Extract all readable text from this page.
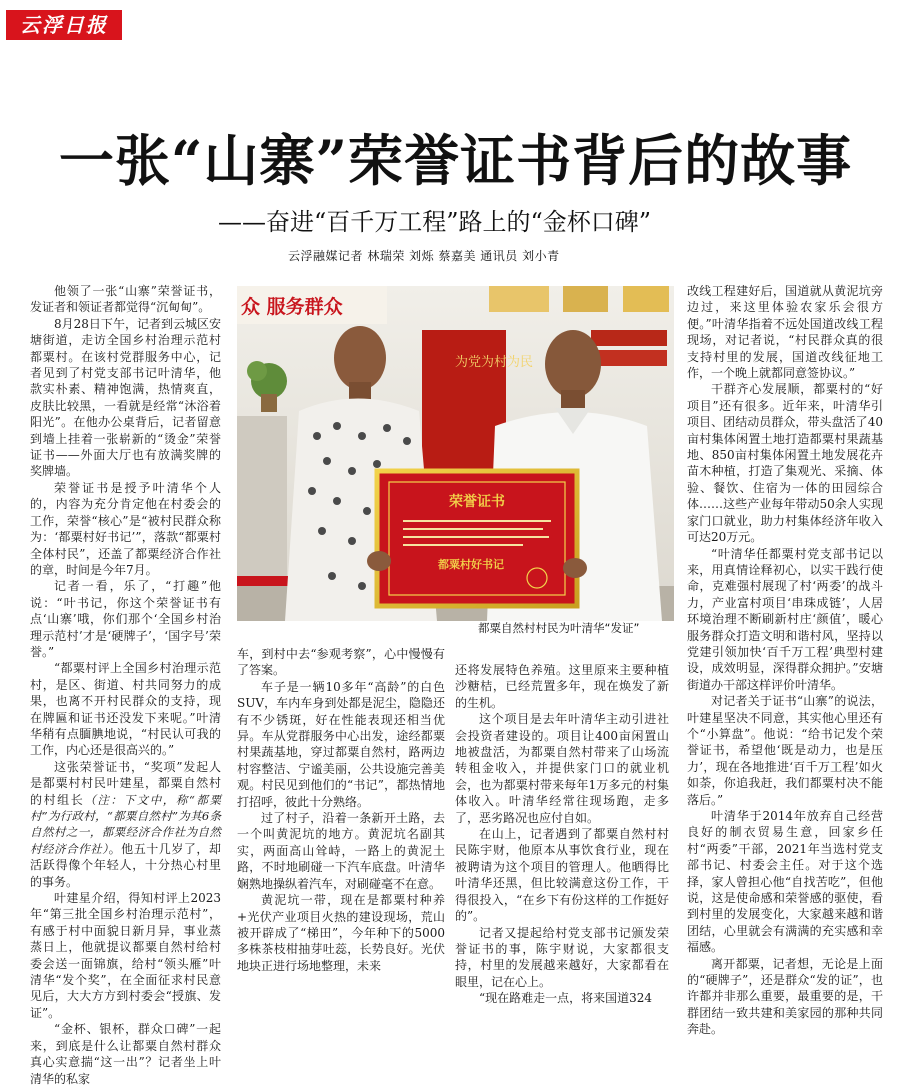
云浮日报
一张“山寨”荣誉证书背后的故事
——奋进“百千万工程”路上的“金杯口碑”
云浮融媒记者 林瑞荣 刘烁 蔡嘉美 通讯员 刘小青

他领了一张“山寨”荣誉证书，发证者和领证者都觉得“沉甸甸”。

8月28日下午，记者到云城区安塘街道，走访全国乡村治理示范村都粟村。在该村党群服务中心，记者见到了村党支部书记叶清华，他款实朴素、精神饱满，热情爽直，皮肤比较黑，一看就是经常“沐浴着阳光”。在他办公桌背后，记者留意到墙上挂着一张崭新的“烫金”荣誉证书——外面大厅也有放满奖牌的奖牌墙。

荣誉证书是授予叶清华个人的，内容为充分肯定他在村委会的工作，荣誉“核心”是“被村民群众称为：‘都粟村好书记’”，落款“都粟村全体村民”，还盖了都粟经济合作社的章，时间是今年7月。

记者一看，乐了，“打趣”他说：“叶书记，你这个荣誉证书有点‘山寨’哦，你们那个‘全国乡村治理示范村’才是‘硬牌子’，‘国字号’荣誉。”

“都粟村评上全国乡村治理示范村，是区、街道、村共同努力的成果，也离不开村民群众的支持，现在牌匾和证书还没发下来呢。”叶清华稍有点腼腆地说，“村民认可我的工作，内心还是很高兴的。”

这张荣誉证书，“奖项”发起人是都粟村村民叶建星，都粟自然村的村组长（注：下文中，称“都粟村”为行政村，“都粟自然村”为其6条自然村之一，都粟经济合作社为自然村经济合作社）。他五十几岁了，却活跃得像个年轻人，十分热心村里的事务。

叶建星介绍，得知村评上2023年“第三批全国乡村治理示范村”，有感于村中面貌日新月异，事业蒸蒸日上，他就提议都粟自然村给村委会送一面锦旗，给村“领头雁”叶清华“发个奖”，在全面征求村民意见后，大大方方到村委会“授旗、发证”。

“金杯、银杯，群众口碑”一起来，到底是什么让都粟自然村群众真心实意揣“这一出”？记者坐上叶清华的私家

众 服务群众
为党为村为民
荣誉证书
都粟村好书记
都粟自然村村民为叶清华“发证”

车，到村中去“参观考察”，心中慢慢有了答案。

车子是一辆10多年“高龄”的白色SUV，车内车身到处都是泥尘，隐隐还有不少锈斑，好在性能表现还相当优异。车从党群服务中心出发，途经都粟村果蔬基地，穿过都粟自然村，路两边村容整洁、宁谧美丽，公共设施完善美观。村民见到他们的“书记”，都热情地打招呼，彼此十分熟络。

过了村子，沿着一条新开土路，去一个叫黄泥坑的地方。黄泥坑名副其实，两面高山耸峙，一路上的黄泥土路，不时地刷碰一下汽车底盘。叶清华娴熟地操纵着汽车，对刷碰毫不在意。

黄泥坑一带，现在是都粟村种养+光伏产业项目火热的建设现场，荒山被开辟成了“梯田”，今年种下的5000多株茶枝柑抽芽吐蕊，长势良好。光伏地块正进行场地整理，未来

还将发展特色养殖。这里原来主要种植沙糖桔，已经荒置多年，现在焕发了新的生机。

这个项目是去年叶清华主动引进社会投资者建设的。项目让400亩闲置山地被盘活，为都粟自然村带来了山场流转租金收入，并提供家门口的就业机会，也为都粟村带来每年1万多元的村集体收入。叶清华经常往现场跑，走多了，恶劣路况也应付自如。

在山上，记者遇到了都粟自然村村民陈宇财，他原本从事饮食行业，现在被聘请为这个项目的管理人。他晒得比叶清华还黑，但比较满意这份工作，干得很投入，“在乡下有份这样的工作挺好的”。

记者又提起给村党支部书记颁发荣誉证书的事，陈宇财说，大家都很支持，村里的发展越来越好，大家都看在眼里，记在心上。

“现在路难走一点，将来国道324

改线工程建好后，国道就从黄泥坑旁边过，来这里体验农家乐会很方便。”叶清华指着不远处国道改线工程现场，对记者说，“村民群众真的很支持村里的发展，国道改线征地工作，一个晚上就都同意签协议。”

干群齐心发展顺，都粟村的“好项目”还有很多。近年来，叶清华引项目、团结动员群众，带头盘活了40亩村集体闲置土地打造都粟村果蔬基地、850亩村集体闲置土地发展花卉苗木种植，打造了集观光、采摘、体验、餐饮、住宿为一体的田园综合体……这些产业每年带动50余人实现家门口就业，助力村集体经济年收入可达20万元。

“叶清华任都粟村党支部书记以来，用真情诠释初心，以实干践行使命，克难强村展现了村‘两委’的战斗力，产业富村项目‘串珠成链’，人居环境治理不断刷新村庄‘颜值’，暖心服务群众打造文明和谐村风，坚持以党建引领加快‘百千万工程’典型村建设，成效明显，深得群众拥护。”安塘街道办干部这样评价叶清华。

对记者关于证书“山寨”的说法，叶建星坚决不同意，其实他心里还有个“小算盘”。他说：“给书记发个荣誉证书，希望他‘既是动力，也是压力’，现在各地推进‘百千万工程’如火如荼，你追我赶，我们都粟村决不能落后。”

叶清华于2014年放弃自己经营良好的制衣贸易生意，回家乡任村“两委”干部，2021年当选村党支部书记、村委会主任。对于这个选择，家人曾担心他“自找苦吃”，但他说，这是使命感和荣誉感的驱使，看到村里的发展变化，大家越来越和谐团结，心里就会有满满的充实感和幸福感。

离开都粟，记者想，无论是上面的“硬牌子”，还是群众“发的证”，也许都并非那么重要，最重要的是，干群团结一致共建和美家园的那种共同奔赴。
